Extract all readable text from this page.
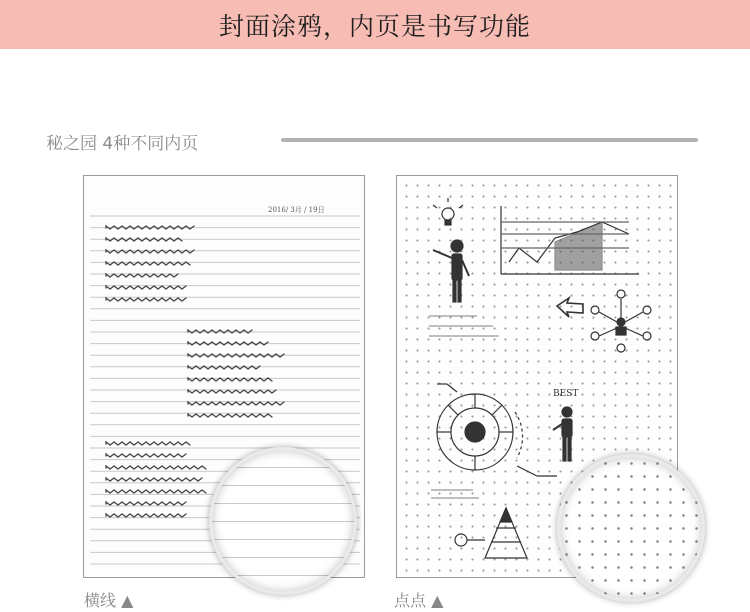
封面涂鸦，内页是书写功能
秘之园 4种不同内页
2016/ 3月 / 19日
BEST
横线 ▲	点点 ▲
